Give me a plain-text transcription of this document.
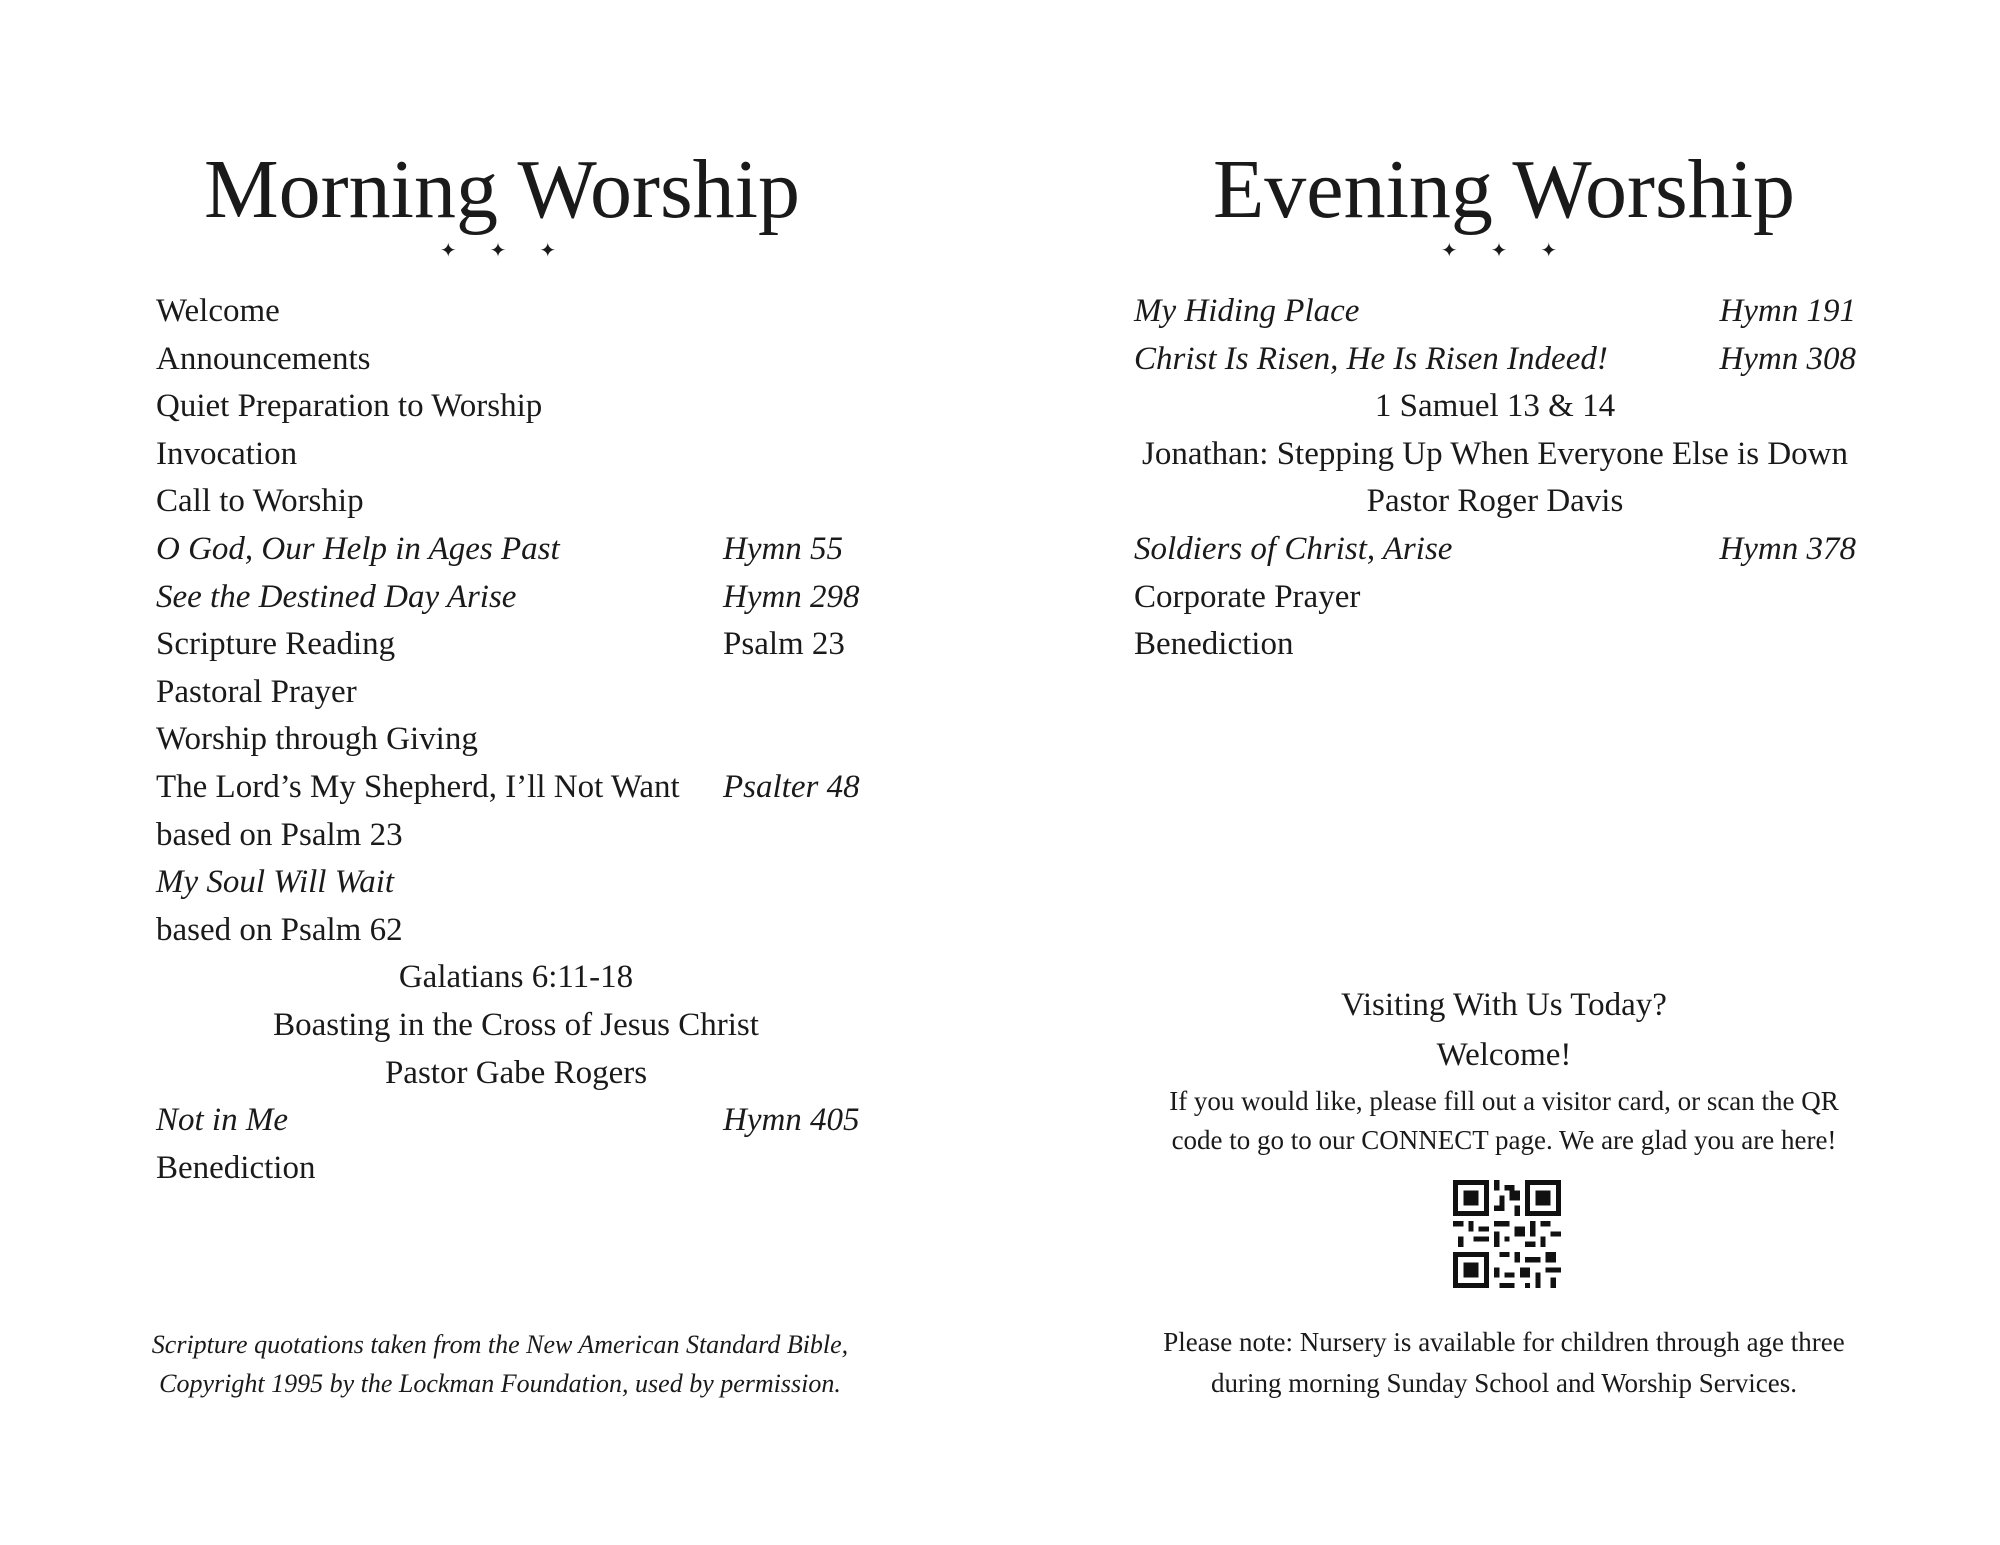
Morning Worship
✦ ✦ ✦
Welcome
Announcements
Quiet Preparation to Worship
Invocation
Call to Worship
O God, Our Help in Ages Past	Hymn 55
See the Destined Day Arise	Hymn 298
Scripture Reading	Psalm 23
Pastoral Prayer
Worship through Giving
The Lord’s My Shepherd, I’ll Not Want Psalter 48
based on Psalm 23
My Soul Will Wait
based on Psalm 62
Galatians 6:11-18
Boasting in the Cross of Jesus Christ
Pastor Gabe Rogers
Not in Me	Hymn 405
Benediction
Scripture quotations taken from the New American Standard Bible,
Copyright 1995 by the Lockman Foundation, used by permission.
Evening Worship
✦ ✦ ✦
My Hiding Place	Hymn 191
Christ Is Risen, He Is Risen Indeed!	Hymn 308
1 Samuel 13 & 14
Jonathan: Stepping Up When Everyone Else is Down
Pastor Roger Davis
Soldiers of Christ, Arise	Hymn 378
Corporate Prayer
Benediction
Visiting With Us Today?
Welcome!
If you would like, please fill out a visitor card, or scan the QR
code to go to our CONNECT page. We are glad you are here!
Please note: Nursery is available for children through age three
during morning Sunday School and Worship Services.
